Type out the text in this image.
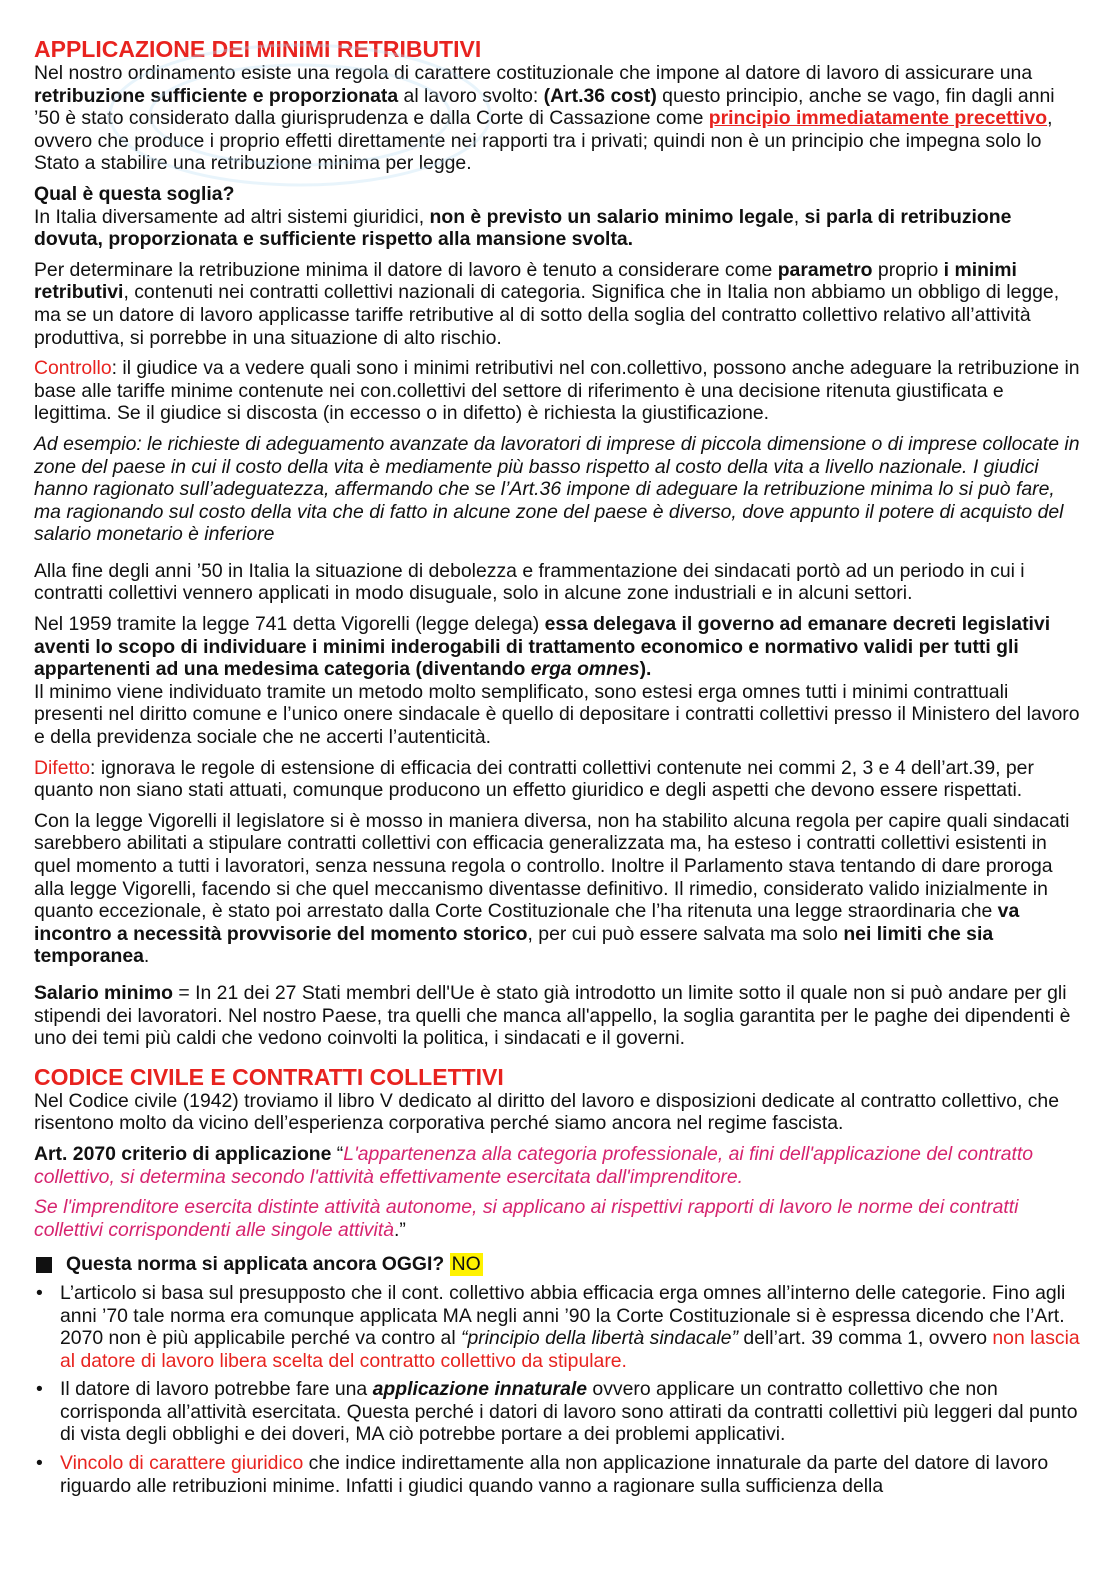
APPLICAZIONE DEI MINIMI RETRIBUTIVI

Nel nostro ordinamento esiste una regola di carattere costituzionale che impone al datore di lavoro di assicurare una retribuzione sufficiente e proporzionata al lavoro svolto: (Art.36 cost) questo principio, anche se vago, fin dagli anni ’50 è stato considerato dalla giurisprudenza e dalla Corte di Cassazione come principio immediatamente precettivo, ovvero che produce i proprio effetti direttamente nei rapporti tra i privati; quindi non è un principio che impegna solo lo Stato a stabilire una retribuzione minima per legge.

Qual è questa soglia?

In Italia diversamente ad altri sistemi giuridici, non è previsto un salario minimo legale, si parla di retribuzione dovuta, proporzionata e sufficiente rispetto alla mansione svolta.

Per determinare la retribuzione minima il datore di lavoro è tenuto a considerare come parametro proprio i minimi retributivi, contenuti nei contratti collettivi nazionali di categoria. Significa che in Italia non abbiamo un obbligo di legge, ma se un datore di lavoro applicasse tariffe retributive al di sotto della soglia del contratto collettivo relativo all’attività produttiva, si porrebbe in una situazione di alto rischio.

Controllo: il giudice va a vedere quali sono i minimi retributivi nel con.collettivo, possono anche adeguare la retribuzione in base alle tariffe minime contenute nei con.collettivi del settore di riferimento è una decisione ritenuta giustificata e legittima. Se il giudice si discosta (in eccesso o in difetto) è richiesta la giustificazione.

Ad esempio: le richieste di adeguamento avanzate da lavoratori di imprese di piccola dimensione o di imprese collocate in zone del paese in cui il costo della vita è mediamente più basso rispetto al costo della vita a livello nazionale. I giudici hanno ragionato sull’adeguatezza, affermando che se l’Art.36 impone di adeguare la retribuzione minima lo si può fare, ma ragionando sul costo della vita che di fatto in alcune zone del paese è diverso, dove appunto il potere di acquisto del salario monetario è inferiore

Alla fine degli anni ’50 in Italia la situazione di debolezza e frammentazione dei sindacati portò ad un periodo in cui i contratti collettivi vennero applicati in modo disuguale, solo in alcune zone industriali e in alcuni settori.

Nel 1959 tramite la legge 741 detta Vigorelli (legge delega) essa delegava il governo ad emanare decreti legislativi aventi lo scopo di individuare i minimi inderogabili di trattamento economico e normativo validi per tutti gli appartenenti ad una medesima categoria (diventando erga omnes).
Il minimo viene individuato tramite un metodo molto semplificato, sono estesi erga omnes tutti i minimi contrattuali presenti nel diritto comune e l’unico onere sindacale è quello di depositare i contratti collettivi presso il Ministero del lavoro e della previdenza sociale che ne accerti l’autenticità.

Difetto: ignorava le regole di estensione di efficacia dei contratti collettivi contenute nei commi 2, 3 e 4 dell’art.39, per quanto non siano stati attuati, comunque producono un effetto giuridico e degli aspetti che devono essere rispettati.

Con la legge Vigorelli il legislatore si è mosso in maniera diversa, non ha stabilito alcuna regola per capire quali sindacati sarebbero abilitati a stipulare contratti collettivi con efficacia generalizzata ma, ha esteso i contratti collettivi esistenti in quel momento a tutti i lavoratori, senza nessuna regola o controllo. Inoltre il Parlamento stava tentando di dare proroga alla legge Vigorelli, facendo si che quel meccanismo diventasse definitivo. Il rimedio, considerato valido inizialmente in quanto eccezionale, è stato poi arrestato dalla Corte Costituzionale che l’ha ritenuta una legge straordinaria che va incontro a necessità provvisorie del momento storico, per cui può essere salvata ma solo nei limiti che sia temporanea.

Salario minimo = In 21 dei 27 Stati membri dell'Ue è stato già introdotto un limite sotto il quale non si può andare per gli stipendi dei lavoratori. Nel nostro Paese, tra quelli che manca all'appello, la soglia garantita per le paghe dei dipendenti è uno dei temi più caldi che vedono coinvolti la politica, i sindacati e il governi.

CODICE CIVILE E CONTRATTI COLLETTIVI

Nel Codice civile (1942) troviamo il libro V dedicato al diritto del lavoro e disposizioni dedicate al contratto collettivo, che risentono molto da vicino dell’esperienza corporativa perché siamo ancora nel regime fascista.

Art. 2070 criterio di applicazione “L'appartenenza alla categoria professionale, ai fini dell'applicazione del contratto collettivo, si determina secondo l'attività effettivamente esercitata dall'imprenditore.

Se l'imprenditore esercita distinte attività autonome, si applicano ai rispettivi rapporti di lavoro le norme dei contratti collettivi corrispondenti alle singole attività.”

Questa norma si applicata ancora OGGI?
NO
• L’articolo si basa sul presupposto che il cont. collettivo abbia efficacia erga omnes all’interno delle categorie. Fino agli anni ’70 tale norma era comunque applicata MA negli anni ’90 la Corte Costituzionale si è espressa dicendo che l’Art. 2070 non è più applicabile perché va contro al “principio della libertà sindacale” dell’art. 39 comma 1, ovvero non lascia al datore di lavoro libera scelta del contratto collettivo da stipulare.
• Il datore di lavoro potrebbe fare una applicazione innaturale ovvero applicare un contratto collettivo che non corrisponda all’attività esercitata. Questa perché i datori di lavoro sono attirati da contratti collettivi più leggeri dal punto di vista degli obblighi e dei doveri, MA ciò potrebbe portare a dei problemi applicativi.
• Vincolo di carattere giuridico che indice indirettamente alla non applicazione innaturale da parte del datore di lavoro riguardo alle retribuzioni minime. Infatti i giudici quando vanno a ragionare sulla sufficienza della
